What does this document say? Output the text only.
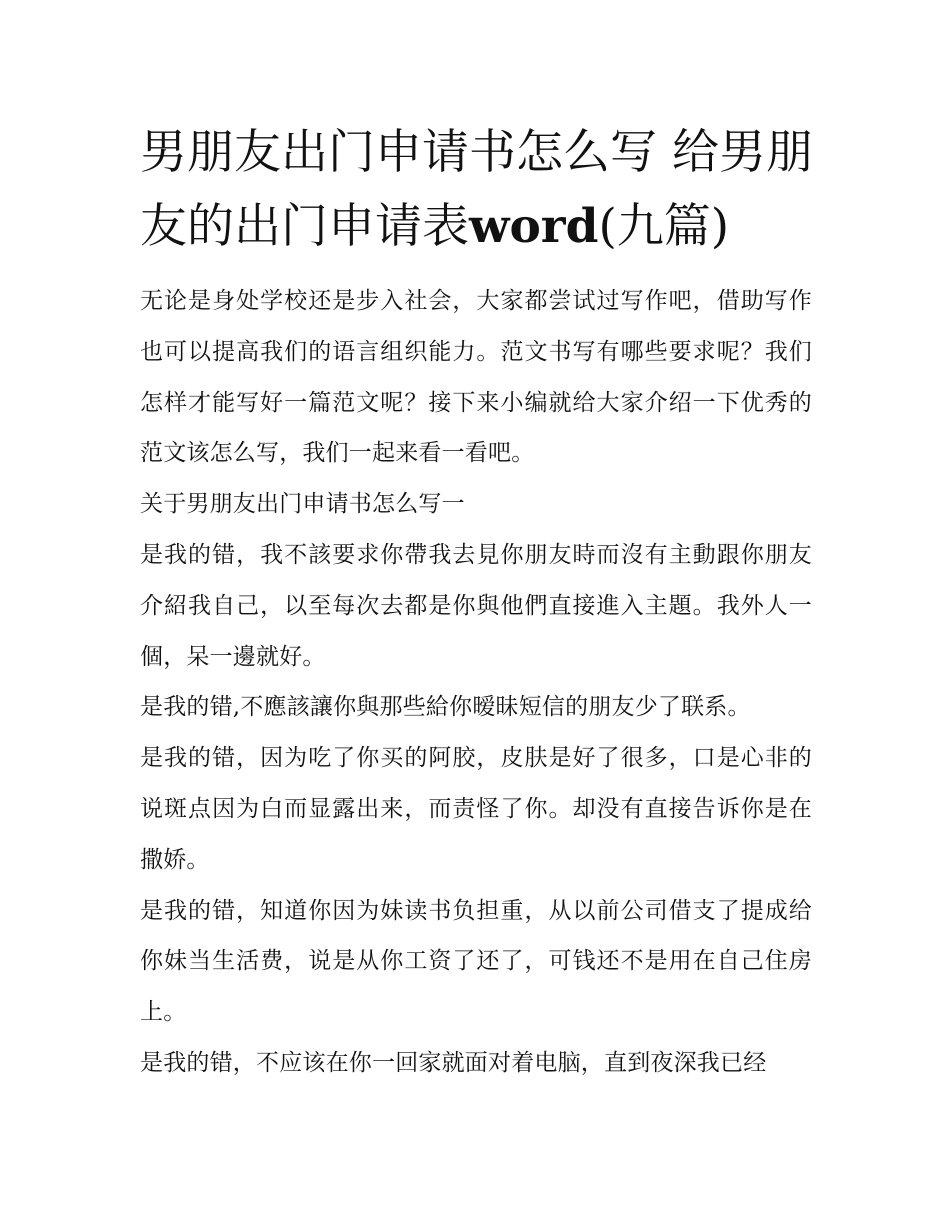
男朋友出门申请书怎么写 给男朋友的出门申请表word(九篇)

无论是身处学校还是步入社会，大家都尝试过写作吧，借助写作也可以提高我们的语言组织能力。范文书写有哪些要求呢？我们怎样才能写好一篇范文呢？接下来小编就给大家介绍一下优秀的范文该怎么写，我们一起来看一看吧。

关于男朋友出门申请书怎么写一

是我的错，我不該要求你帶我去見你朋友時而沒有主動跟你朋友介紹我自己，以至每次去都是你與他們直接進入主題。我外人一個，呆一邊就好。

是我的错,不應該讓你與那些給你暧昧短信的朋友少了联系。

是我的错，因为吃了你买的阿胶，皮肤是好了很多，口是心非的说斑点因为白而显露出来，而责怪了你。却没有直接告诉你是在撒娇。

是我的错，知道你因为妹读书负担重，从以前公司借支了提成给你妹当生活费，说是从你工资了还了，可钱还不是用在自己住房上。

是我的错，不应该在你一回家就面对着电脑，直到夜深我已经
